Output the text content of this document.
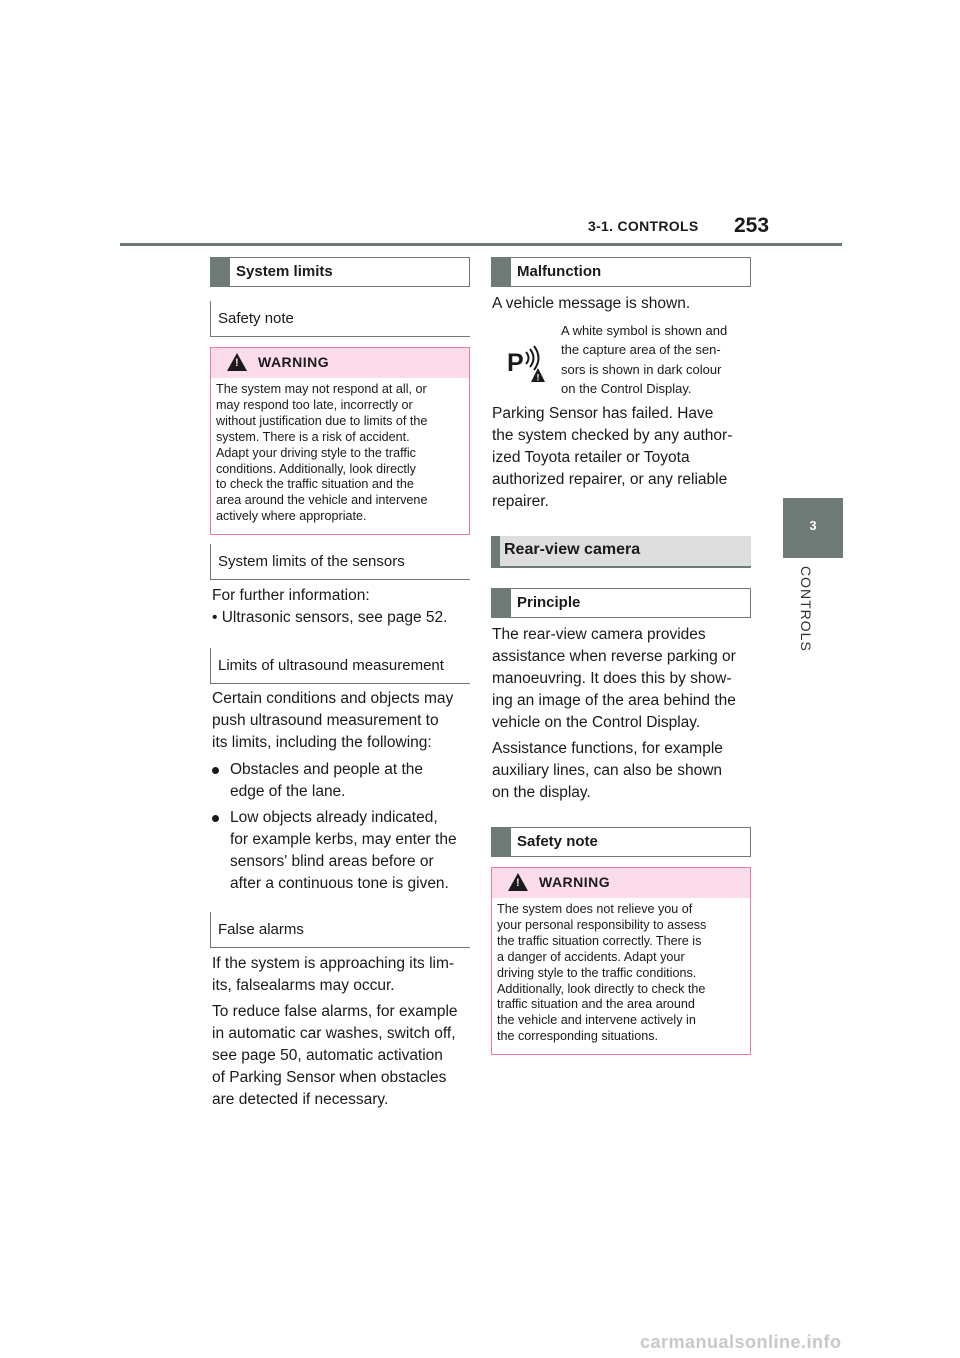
3-1. CONTROLS 253
3
CONTROLS
System limits
Safety note
! WARNING
The system may not respond at all, or
may respond too late, incorrectly or
without justification due to limits of the
system. There is a risk of accident.
Adapt your driving style to the traffic
conditions. Additionally, look directly
to check the traffic situation and the
area around the vehicle and intervene
actively where appropriate.
System limits of the sensors
For further information:
• Ultrasonic sensors, see page 52.
Limits of ultrasound measurement
Certain conditions and objects may
push ultrasound measurement to
its limits, including the following:
Obstacles and people at the
edge of the lane.
Low objects already indicated,
for example kerbs, may enter the
sensors' blind areas before or
after a continuous tone is given.
False alarms
If the system is approaching its lim-
its, falsealarms may occur.
To reduce false alarms, for example
in automatic car washes, switch off,
see page 50, automatic activation
of Parking Sensor when obstacles
are detected if necessary.
Malfunction
A vehicle message is shown.
P
!
A white symbol is shown and
the capture area of the sen-
sors is shown in dark colour
on the Control Display.
Parking Sensor has failed. Have
the system checked by any author-
ized Toyota retailer or Toyota
authorized repairer, or any reliable
repairer.
Rear-view camera
Principle
The rear-view camera provides
assistance when reverse parking or
manoeuvring. It does this by show-
ing an image of the area behind the
vehicle on the Control Display.
Assistance functions, for example
auxiliary lines, can also be shown
on the display.
Safety note
! WARNING
The system does not relieve you of
your personal responsibility to assess
the traffic situation correctly. There is
a danger of accidents. Adapt your
driving style to the traffic conditions.
Additionally, look directly to check the
traffic situation and the area around
the vehicle and intervene actively in
the corresponding situations.
carmanualsonline.info
